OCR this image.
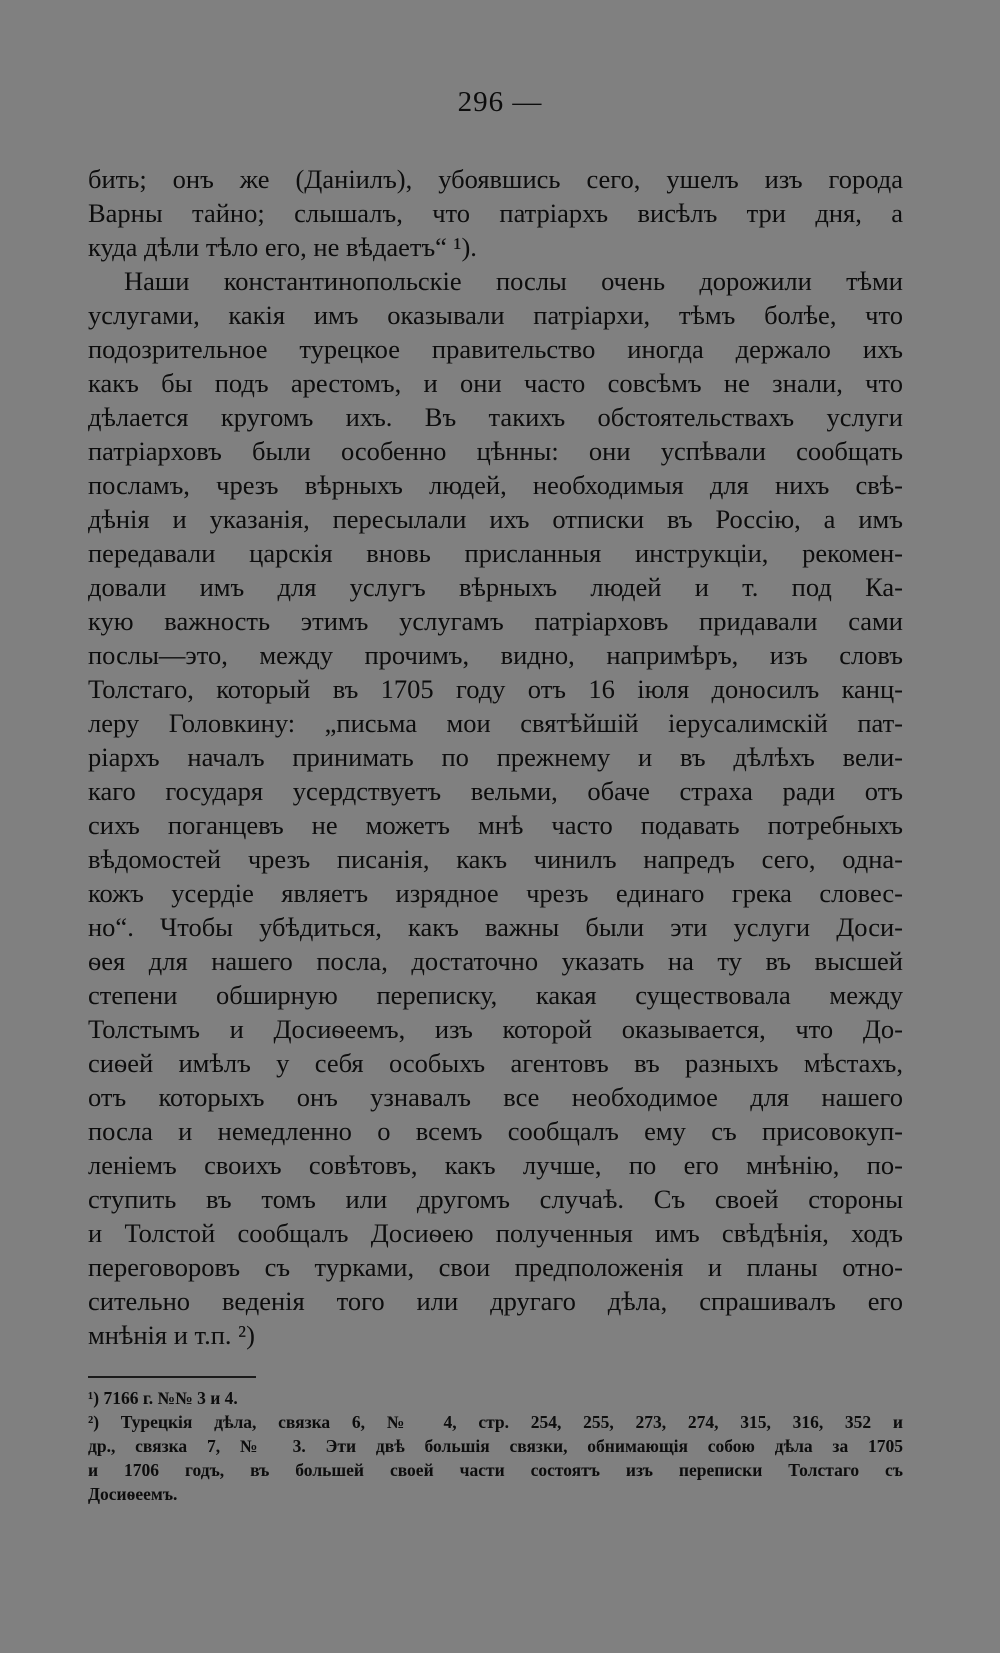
296 —
бить; онъ же (Даніилъ), убоявшись сего, ушелъ изъ города
Варны тайно; слышалъ, что патріархъ висѣлъ три дня, а
куда дѣли тѣло его, не вѣдаетъ“ ¹).
Наши константинопольскіе послы очень дорожили тѣми
услугами, какія имъ оказывали патріархи, тѣмъ болѣе, что
подозрительное турецкое правительство иногда держало ихъ
какъ бы подъ арестомъ, и они часто совсѣмъ не знали, что
дѣлается кругомъ ихъ. Въ такихъ обстоятельствахъ услуги
патріарховъ были особенно цѣнны: они успѣвали сообщать
посламъ, чрезъ вѣрныхъ людей, необходимыя для нихъ свѣ-
дѣнія и указанія, пересылали ихъ отписки въ Россію, а имъ
передавали царскія вновь присланныя инструкціи, рекомен-
довали имъ для услугъ вѣрныхъ людей и т. под Ка-
кую важность этимъ услугамъ патріарховъ придавали сами
послы—это, между прочимъ, видно, напримѣръ, изъ словъ
Толстаго, который въ 1705 году отъ 16 іюля доносилъ канц-
леру Головкину: „письма мои святѣйшій іерусалимскій пат-
ріархъ началъ принимать по прежнему и въ дѣлѣхъ вели-
каго государя усердствуетъ вельми, обаче страха ради отъ
сихъ поганцевъ не можетъ мнѣ часто подавать потребныхъ
вѣдомостей чрезъ писанія, какъ чинилъ напредъ сего, одна-
кожъ усердіе являетъ изрядное чрезъ единаго грека словес-
но“. Чтобы убѣдиться, какъ важны были эти услуги Доси-
ѳея для нашего посла, достаточно указать на ту въ высшей
степени обширную переписку, какая существовала между
Толстымъ и Досиѳеемъ, изъ которой оказывается, что До-
сиѳей имѣлъ у себя особыхъ агентовъ въ разныхъ мѣстахъ,
отъ которыхъ онъ узнавалъ все необходимое для нашего
посла и немедленно о всемъ сообщалъ ему съ присовокуп-
леніемъ своихъ совѣтовъ, какъ лучше, по его мнѣнію, по-
ступить въ томъ или другомъ случаѣ. Съ своей стороны
и Толстой сообщалъ Досиѳею полученныя имъ свѣдѣнія, ходъ
переговоровъ съ турками, свои предположенія и планы отно-
сительно веденія того или другаго дѣла, спрашивалъ его
мнѣнія и т.п. ²)
¹) 7166 г. №№ 3 и 4.
²) Турецкія дѣла, связка 6, № 4, стр. 254, 255, 273, 274, 315, 316, 352 и
др., связка 7, № 3. Эти двѣ большія связки, обнимающія собою дѣла за 1705
и 1706 годъ, въ большей своей части состоятъ изъ переписки Толстаго съ
Досиѳеемъ.
